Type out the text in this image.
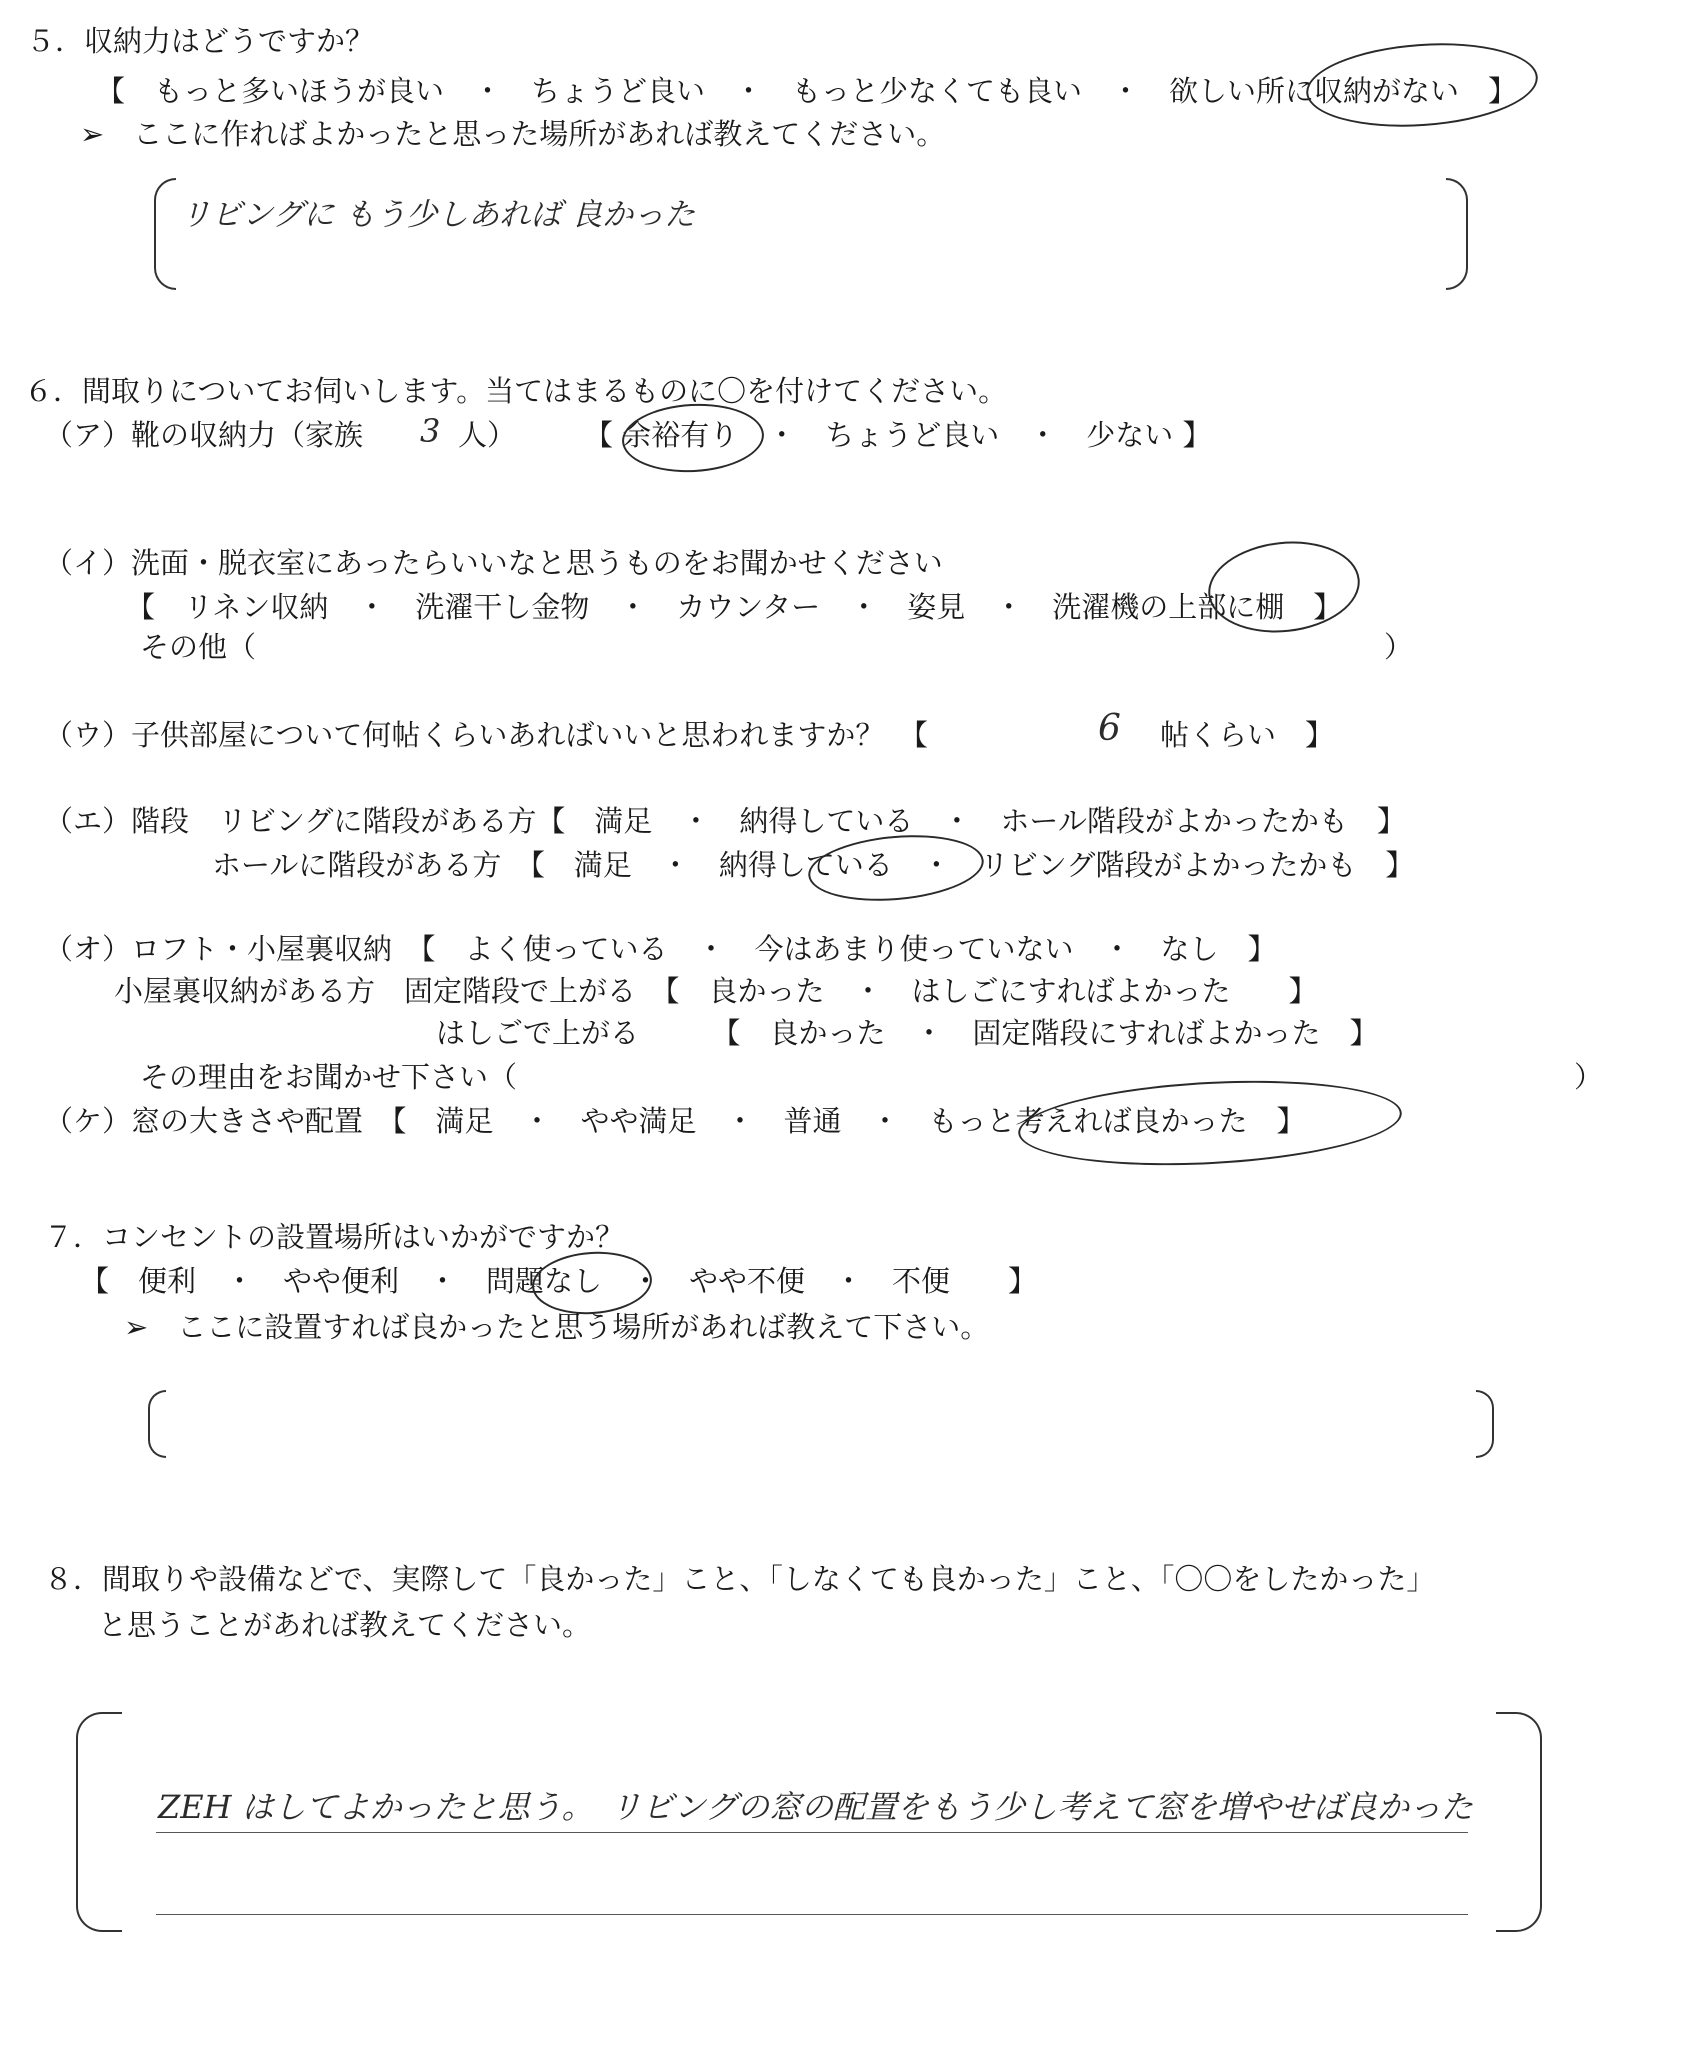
５．収納力はどうですか？
【　もっと多いほうが良い　・　ちょうど良い　・　もっと少なくても良い　・　欲しい所に収納がない　】
➢　ここに作ればよかったと思った場所があれば教えてください。
リビングに もう少しあれば 良かった
６．間取りについてお伺いします。当てはまるものに〇を付けてください。
（ア）靴の収納力（家族 3 人） 【 余裕有り　・　ちょうど良い　・　少ない 】
（イ）洗面・脱衣室にあったらいいなと思うものをお聞かせください
【　リネン収納　・　洗濯干し金物　・　カウンター　・　姿見　・　洗濯機の上部に棚　】
その他（	）
（ウ）子供部屋について何帖くらいあればいいと思われますか？　【	6 帖くらい　】
（エ）階段　リビングに階段がある方【　満足　・　納得している　・　ホール階段がよかったかも　】
ホールに階段がある方　【　満足　・　納得している　・　リビング階段がよかったかも　】
（オ）ロフト・小屋裏収納　【　よく使っている　・　今はあまり使っていない　・　なし　】
小屋裏収納がある方　固定階段で上がる　【　良かった　・　はしごにすればよかった　　】
はしごで上がる　　　【　良かった　・　固定階段にすればよかった　】
その理由をお聞かせ下さい（	）
（ケ）窓の大きさや配置　【　満足　・　やや満足　・　普通　・　もっと考えれば良かった　】
７．コンセントの設置場所はいかがですか？
【　便利　・　やや便利　・　問題なし　・　やや不便　・　不便　　】
➢　ここに設置すれば良かったと思う場所があれば教えて下さい。
８．間取りや設備などで、実際して「良かった」こと、「しなくても良かった」こと、「〇〇をしたかった」
と思うことがあれば教えてください。
ZEH はしてよかったと思う。　リビングの窓の配置をもう少し考えて窓を増やせば良かった
